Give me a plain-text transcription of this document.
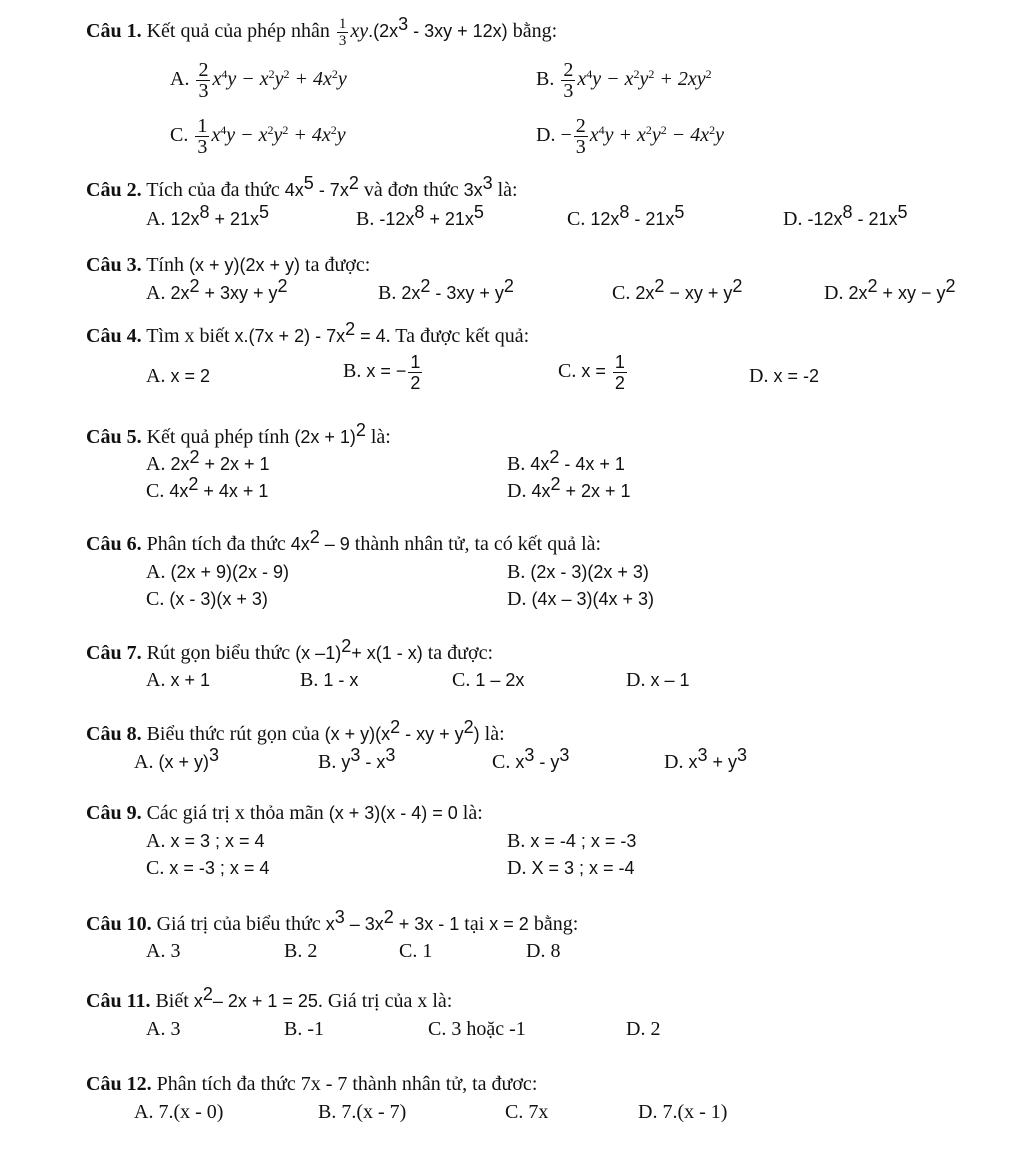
Câu 1. Kết quả của phép nhân $\frac{1}{3} xy.(2x^3 - 3xy + 12x)$ bằng:
A. $\frac{2}{3} x^4y - x^2y^2 + 4x^2y$	B. $\frac{2}{3} x^4y - x^2y^2 + 2xy^2$
C. $\frac{1}{3} x^4y - x^2y^2 + 4x^2y$	D. − $\frac{2}{3} x^4y + x^2y^2 - 4x^2y$
Câu 2. Tích của đa thức $4x^5 - 7x^2$ và đơn thức $3x^3$ là:
A. $12x^8 + 21x^5$	B. $-12x^8 + 21x^5$	C. $12x^8 - 21x^5$	D. $-12x^8 - 21x^5$
Câu 3. Tính (x + y)(2x + y) ta được:
A. $2x^2 + 3xy + y^2$	B. $2x^2 - 3xy + y^2$	C. $2x^2$ − xy + $y^2$	D. $2x^2$ + xy − $y^2$
Câu 4. Tìm x biết $x.(7x + 2) - 7x^2 = 4$. Ta được kết quả:
A. x = 2	B. x = − $\frac{1}{2}$	C. $x = \frac{1}{2}$	D. x = -2
Câu 5. Kết quả phép tính $(2x + 1)^2$ là:
A. $2x^2 + 2x + 1$	B. $4x^2 - 4x + 1$
C. $4x^2 + 4x + 1$	D. $4x^2 + 2x + 1$
Câu 6. Phân tích đa thức $4x^2 - 9$ thành nhân tử, ta có kết quả là:
A. (2x + 9)(2x - 9)	B. (2x - 3)(2x + 3)
C. (x - 3)(x + 3)	D. (4x – 3)(4x + 3)
Câu 7. Rút gọn biểu thức (x –1)$^2$+ x(1 - x) ta được:
A. x + 1	B. 1 - x	C. 1 – 2x	D. x – 1
Câu 8. Biểu thức rút gọn của $(x + y)(x^2$ - xy + $y^2$) là:
A. $(x + y)^3$	B. $y^3 - x^3$	C. $x^3 - y^3$	D. $x^3 + y^3$
Câu 9. Các giá trị x thỏa mãn (x + 3)(x - 4) = 0 là:
A. x = 3 ; x = 4	B. x = -4 ; x = -3
C. x = -3 ; x = 4	D. X = 3 ; x = -4
Câu 10. Giá trị của biểu thức $x^3 - 3x^2 + 3x - 1$ tại x = 2 bằng:
A. 3	B. 2	C. 1	D. 8
Câu 11. Biết $x^2-$ 2x + 1 = 25. Giá trị của x là:
A. 3	B. -1	C. 3 hoặc -1	D. 2
Câu 12. Phân tích đa thức 7x - 7 thành nhân tử, ta đươc:
A. 7.(x - 0)	B. 7.(x - 7)	C. 7x	D. 7.(x - 1)
